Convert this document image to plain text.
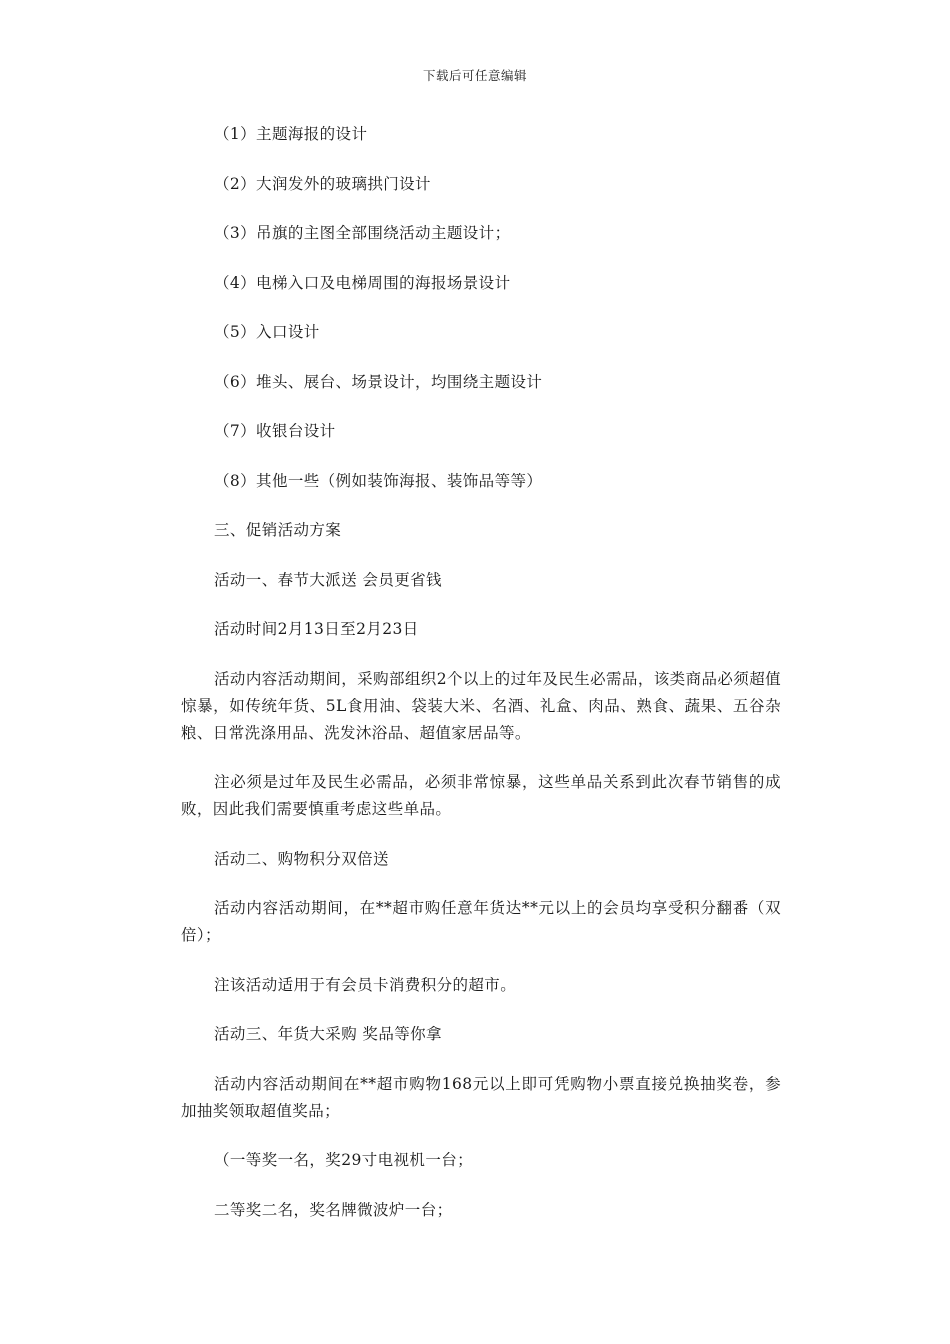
下载后可任意编辑

（1）主题海报的设计

（2）大润发外的玻璃拱门设计

（3）吊旗的主图全部围绕活动主题设计；

（4）电梯入口及电梯周围的海报场景设计

（5）入口设计

（6）堆头、展台、场景设计，均围绕主题设计

（7）收银台设计

（8）其他一些（例如装饰海报、装饰品等等）

三、促销活动方案

活动一、春节大派送 会员更省钱

活动时间2月13日至2月23日

活动内容活动期间，采购部组织2个以上的过年及民生必需品，该类商品必须超值惊暴，如传统年货、5L食用油、袋装大米、名酒、礼盒、肉品、熟食、蔬果、五谷杂粮、日常洗涤用品、洗发沐浴品、超值家居品等。

注必须是过年及民生必需品，必须非常惊暴，这些单品关系到此次春节销售的成败，因此我们需要慎重考虑这些单品。

活动二、购物积分双倍送

活动内容活动期间，在**超市购任意年货达**元以上的会员均享受积分翻番（双倍）；

注该活动适用于有会员卡消费积分的超市。

活动三、年货大采购 奖品等你拿

活动内容活动期间在**超市购物168元以上即可凭购物小票直接兑换抽奖卷，参加抽奖领取超值奖品；

（一等奖一名，奖29寸电视机一台；

二等奖二名，奖名牌微波炉一台；
